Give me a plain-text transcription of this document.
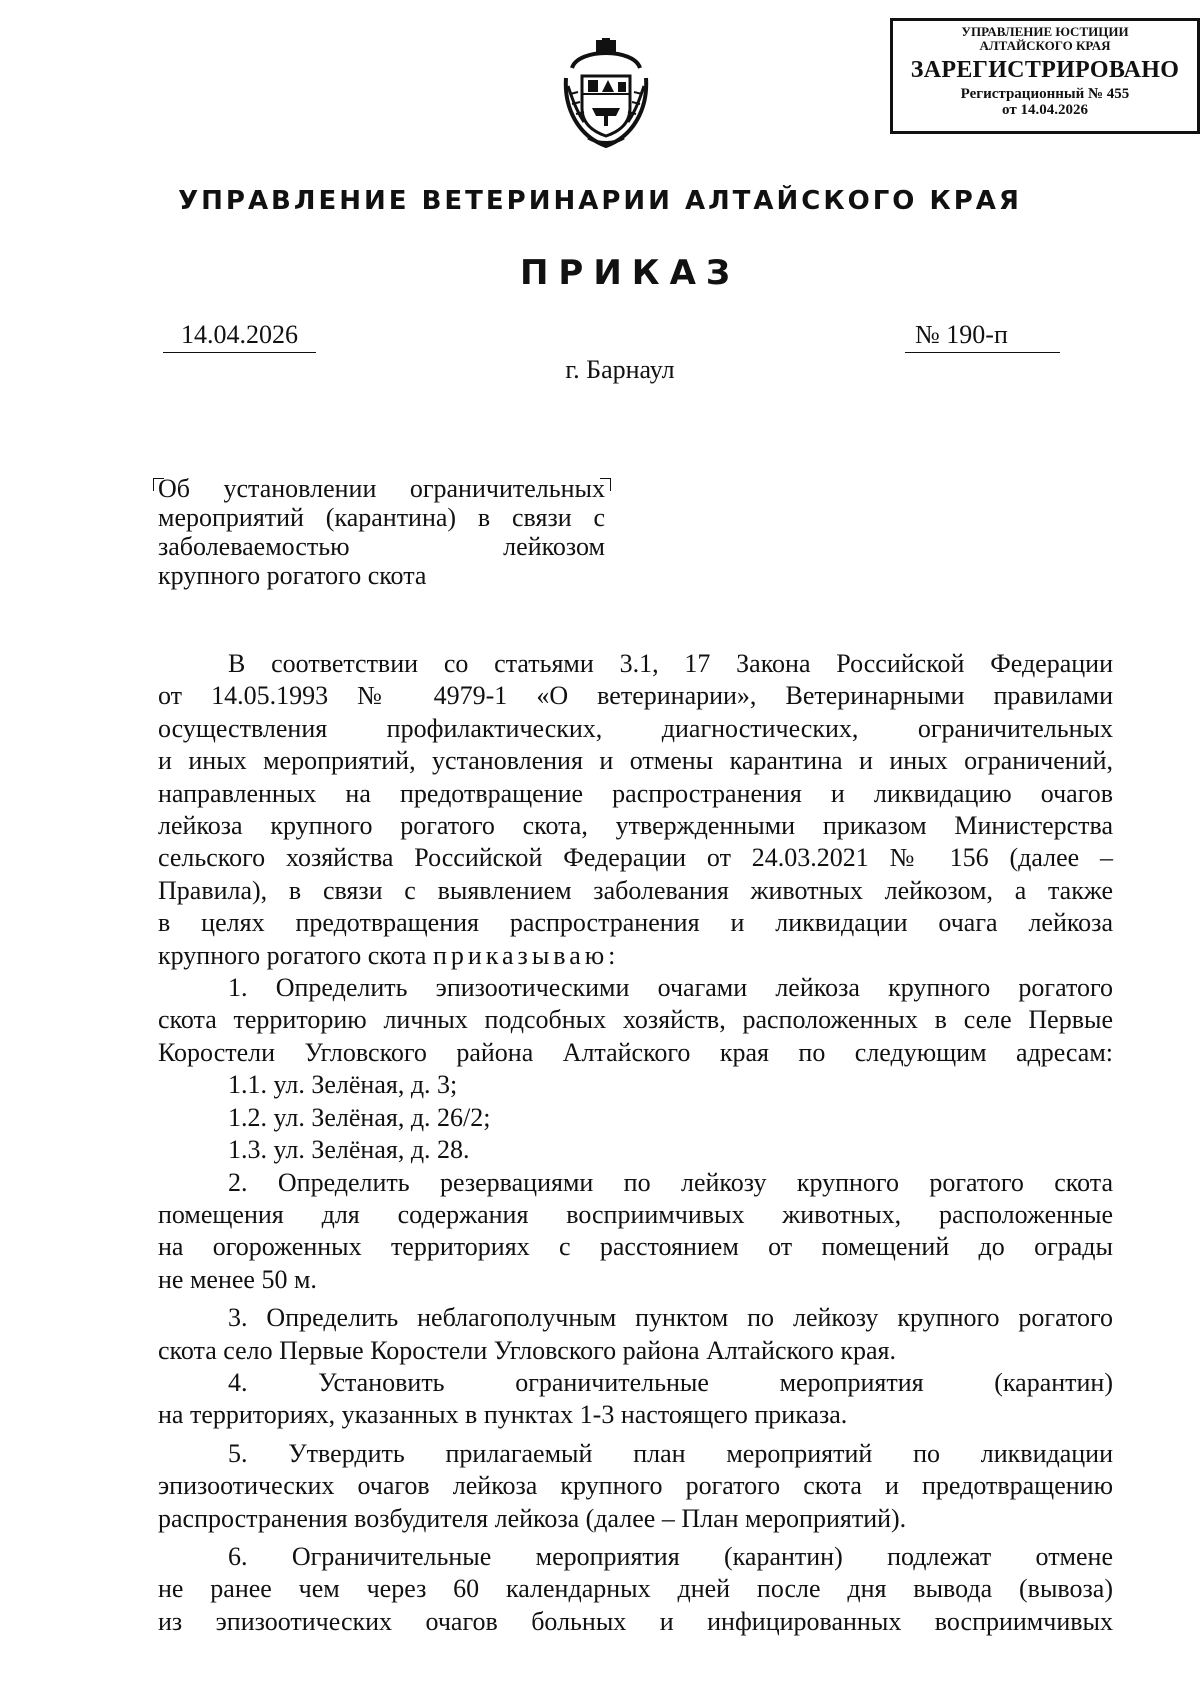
УПРАВЛЕНИЕ ЮСТИЦИИ
АЛТАЙСКОГО КРАЯ
ЗАРЕГИСТРИРОВАНО
Регистрационный № 455
от 14.04.2026
УПРАВЛЕНИЕ ВЕТЕРИНАРИИ АЛТАЙСКОГО КРАЯ
ПРИКАЗ
14.04.2026	№ 190-п
г. Барнаул
Об установлении ограничительных
мероприятий (карантина) в связи с
заболеваемостью лейкозом
крупного рогатого скота
В соответствии со статьями 3.1, 17 Закона Российской Федерации
от 14.05.1993 № 4979-1 «О ветеринарии», Ветеринарными правилами
осуществления профилактических, диагностических, ограничительных
и иных мероприятий, установления и отмены карантина и иных ограничений,
направленных на предотвращение распространения и ликвидацию очагов
лейкоза крупного рогатого скота, утвержденными приказом Министерства
сельского хозяйства Российской Федерации от 24.03.2021 № 156 (далее –
Правила), в связи с выявлением заболевания животных лейкозом, а также
в целях предотвращения распространения и ликвидации очага лейкоза
крупного рогатого скота приказываю:
1. Определить эпизоотическими очагами лейкоза крупного рогатого
скота территорию личных подсобных хозяйств, расположенных в селе Первые
Коростели Угловского района Алтайского края по следующим адресам:
1.1. ул. Зелёная, д. 3;
1.2. ул. Зелёная, д. 26/2;
1.3. ул. Зелёная, д. 28.
2. Определить резервациями по лейкозу крупного рогатого скота
помещения для содержания восприимчивых животных, расположенные
на огороженных территориях с расстоянием от помещений до ограды
не менее 50 м.
3. Определить неблагополучным пунктом по лейкозу крупного рогатого
скота село Первые Коростели Угловского района Алтайского края.
4. Установить ограничительные мероприятия (карантин)
на территориях, указанных в пунктах 1-3 настоящего приказа.
5. Утвердить прилагаемый план мероприятий по ликвидации
эпизоотических очагов лейкоза крупного рогатого скота и предотвращению
распространения возбудителя лейкоза (далее – План мероприятий).
6. Ограничительные мероприятия (карантин) подлежат отмене
не ранее чем через 60 календарных дней после дня вывода (вывоза)
из эпизоотических очагов больных и инфицированных восприимчивых
